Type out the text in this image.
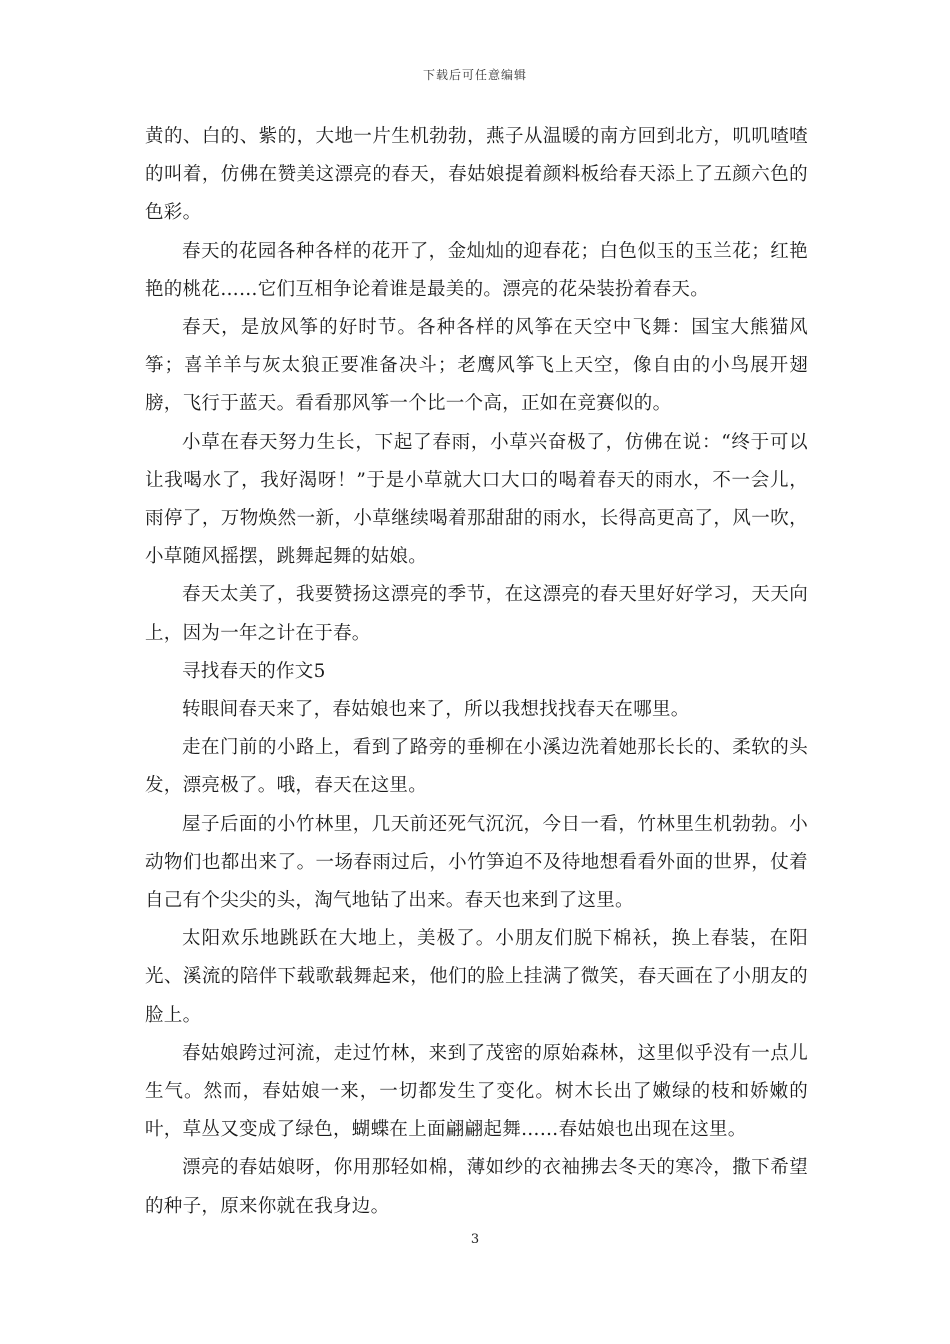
下载后可任意编辑

黄的、白的、紫的，大地一片生机勃勃，燕子从温暖的南方回到北方，叽叽喳喳的叫着，仿佛在赞美这漂亮的春天，春姑娘提着颜料板给春天添上了五颜六色的色彩。

春天的花园各种各样的花开了，金灿灿的迎春花；白色似玉的玉兰花；红艳艳的桃花……它们互相争论着谁是最美的。漂亮的花朵装扮着春天。

春天，是放风筝的好时节。各种各样的风筝在天空中飞舞：国宝大熊猫风筝；喜羊羊与灰太狼正要准备决斗；老鹰风筝飞上天空，像自由的小鸟展开翅膀，飞行于蓝天。看看那风筝一个比一个高，正如在竞赛似的。

小草在春天努力生长，下起了春雨，小草兴奋极了，仿佛在说：“终于可以让我喝水了，我好渴呀！”于是小草就大口大口的喝着春天的雨水，不一会儿，雨停了，万物焕然一新，小草继续喝着那甜甜的雨水，长得高更高了，风一吹，小草随风摇摆，跳舞起舞的姑娘。

春天太美了，我要赞扬这漂亮的季节，在这漂亮的春天里好好学习，天天向上，因为一年之计在于春。

寻找春天的作文5

转眼间春天来了，春姑娘也来了，所以我想找找春天在哪里。

走在门前的小路上，看到了路旁的垂柳在小溪边洗着她那长长的、柔软的头发，漂亮极了。哦，春天在这里。

屋子后面的小竹林里，几天前还死气沉沉，今日一看，竹林里生机勃勃。小动物们也都出来了。一场春雨过后，小竹笋迫不及待地想看看外面的世界，仗着自己有个尖尖的头，淘气地钻了出来。春天也来到了这里。

太阳欢乐地跳跃在大地上，美极了。小朋友们脱下棉袄，换上春装，在阳光、溪流的陪伴下载歌载舞起来，他们的脸上挂满了微笑，春天画在了小朋友的脸上。

春姑娘跨过河流，走过竹林，来到了茂密的原始森林，这里似乎没有一点儿生气。然而，春姑娘一来，一切都发生了变化。树木长出了嫩绿的枝和娇嫩的叶，草丛又变成了绿色，蝴蝶在上面翩翩起舞……春姑娘也出现在这里。

漂亮的春姑娘呀，你用那轻如棉，薄如纱的衣袖拂去冬天的寒冷，撒下希望的种子，原来你就在我身边。

3
